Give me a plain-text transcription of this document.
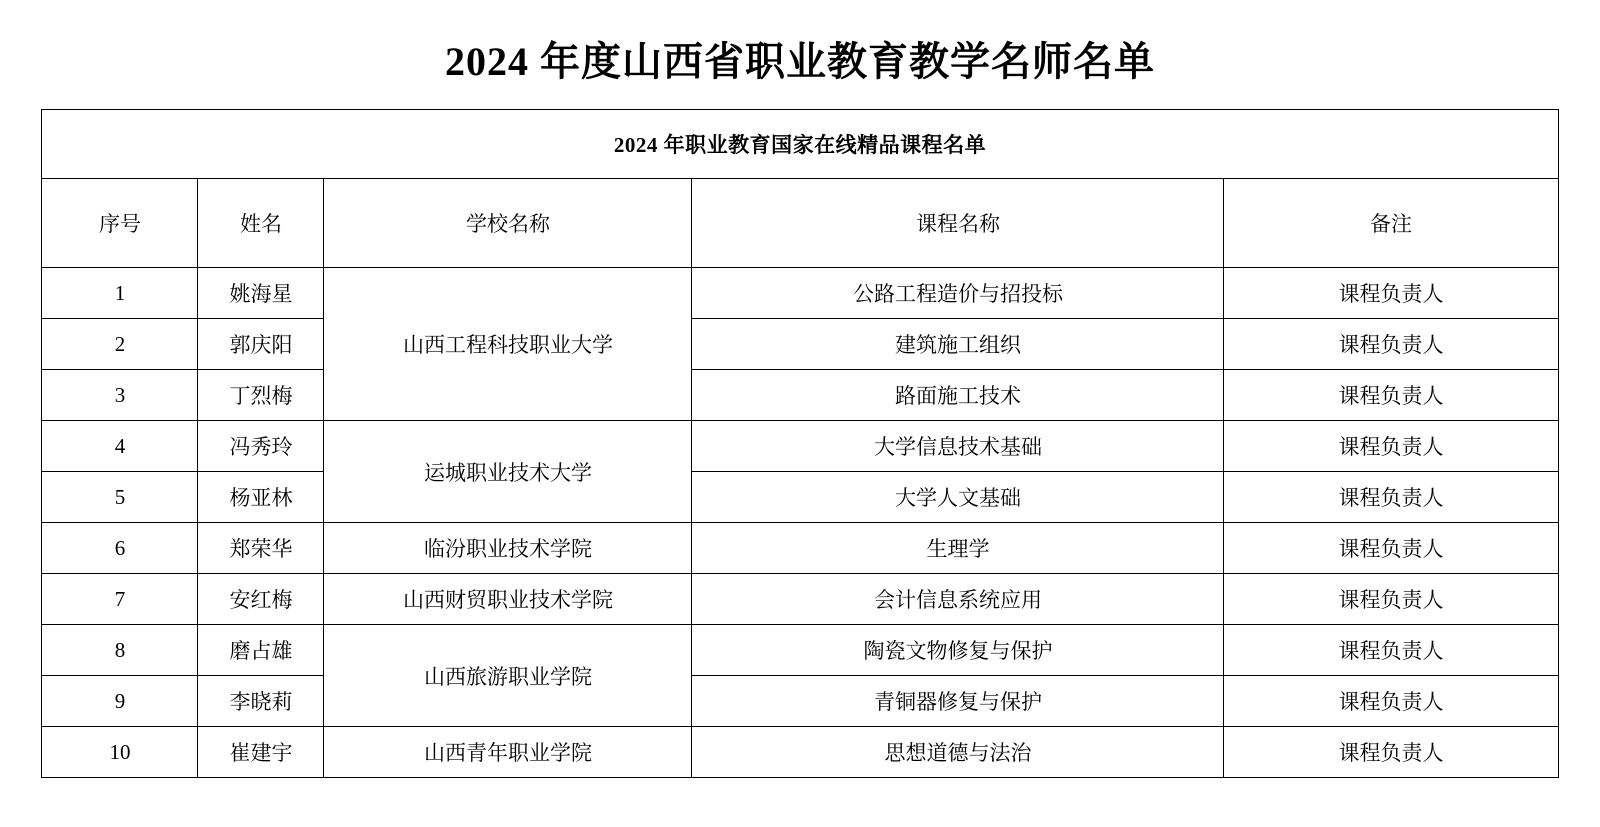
2024 年度山西省职业教育教学名师名单
2024 年职业教育国家在线精品课程名单				
序号	姓名	学校名称	课程名称	备注
1	姚海星	山西工程科技职业大学	公路工程造价与招投标	课程负责人
2	郭庆阳		建筑施工组织	课程负责人
3	丁烈梅		路面施工技术	课程负责人
4	冯秀玲	运城职业技术大学	大学信息技术基础	课程负责人
5	杨亚林		大学人文基础	课程负责人
6	郑荣华	临汾职业技术学院	生理学	课程负责人
7	安红梅	山西财贸职业技术学院	会计信息系统应用	课程负责人
8	磨占雄	山西旅游职业学院	陶瓷文物修复与保护	课程负责人
9	李晓莉		青铜器修复与保护	课程负责人
10	崔建宇	山西青年职业学院	思想道德与法治	课程负责人
